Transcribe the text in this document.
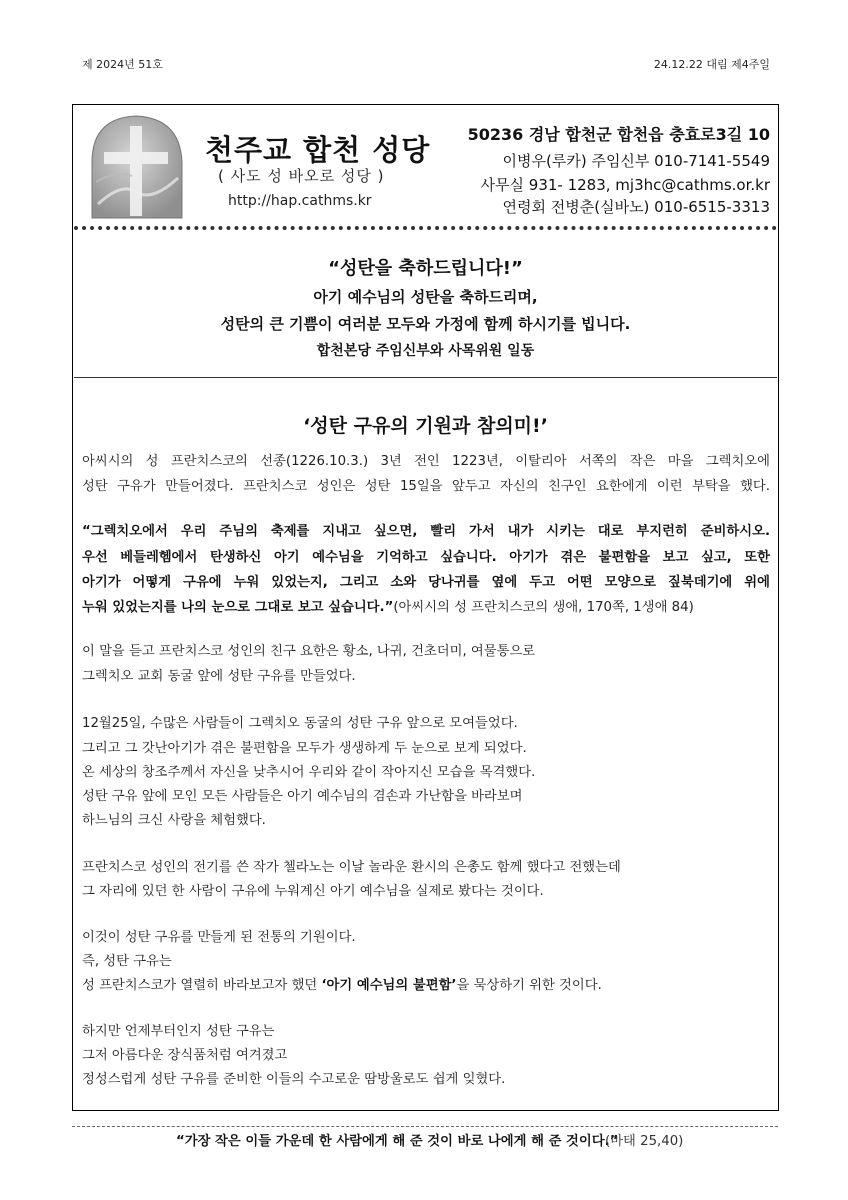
제 2024년 51호	24.12.22 대림 제4주일
천주교 합천 성당
( 사도 성 바오로 성당 )
http://hap.cathms.kr
50236 경남 합천군 합천읍 충효로3길 10
이병우(루카) 주임신부 010-7141-5549
사무실 931- 1283, mj3hc@cathms.or.kr
연령회 전병춘(실바노) 010-6515-3313
“성탄을 축하드립니다!”
아기 예수님의 성탄을 축하드리며,
성탄의 큰 기쁨이 여러분 모두와 가정에 함께 하시기를 빕니다.
합천본당 주임신부와 사목위원 일동
‘성탄 구유의 기원과 참의미!’
아씨시의 성 프란치스코의 선종(1226.10.3.) 3년 전인 1223년, 이탈리아 서쪽의 작은 마을 그렉치오에
성탄 구유가 만들어졌다. 프란치스코 성인은 성탄 15일을 앞두고 자신의 친구인 요한에게 이런 부탁을 했다.
“그렉치오에서 우리 주님의 축제를 지내고 싶으면, 빨리 가서 내가 시키는 대로 부지런히 준비하시오.
우선 베들레헴에서 탄생하신 아기 예수님을 기억하고 싶습니다. 아기가 겪은 불편함을 보고 싶고, 또한
아기가 어떻게 구유에 누워 있었는지, 그리고 소와 당나귀를 옆에 두고 어떤 모양으로 짚북데기에 위에
누워 있었는지를 나의 눈으로 그대로 보고 싶습니다.”(아씨시의 성 프란치스코의 생애, 170쪽, 1생애 84)
이 말을 듣고 프란치스코 성인의 친구 요한은 황소, 나귀, 건초더미, 여물통으로
그렉치오 교회 동굴 앞에 성탄 구유를 만들었다.
12월25일, 수많은 사람들이 그렉치오 동굴의 성탄 구유 앞으로 모여들었다.
그리고 그 갓난아기가 겪은 불편함을 모두가 생생하게 두 눈으로 보게 되었다.
온 세상의 창조주께서 자신을 낮추시어 우리와 같이 작아지신 모습을 목격했다.
성탄 구유 앞에 모인 모든 사람들은 아기 예수님의 겸손과 가난함을 바라보며
하느님의 크신 사랑을 체험했다.
프란치스코 성인의 전기를 쓴 작가 첼라노는 이날 놀라운 환시의 은총도 함께 했다고 전했는데
그 자리에 있던 한 사람이 구유에 누워계신 아기 예수님을 실제로 봤다는 것이다.
이것이 성탄 구유를 만들게 된 전통의 기원이다.
즉, 성탄 구유는
성 프란치스코가 열렬히 바라보고자 했던 ‘아기 예수님의 불편함’을 묵상하기 위한 것이다.
하지만 언제부터인지 성탄 구유는
그저 아름다운 장식품처럼 여겨졌고
정성스럽게 성탄 구유를 준비한 이들의 수고로운 땀방울로도 쉽게 잊혔다.
“가장 작은 이들 가운데 한 사람에게 해 준 것이 바로 나에게 해 준 것이다.”
(마태 25,40)
